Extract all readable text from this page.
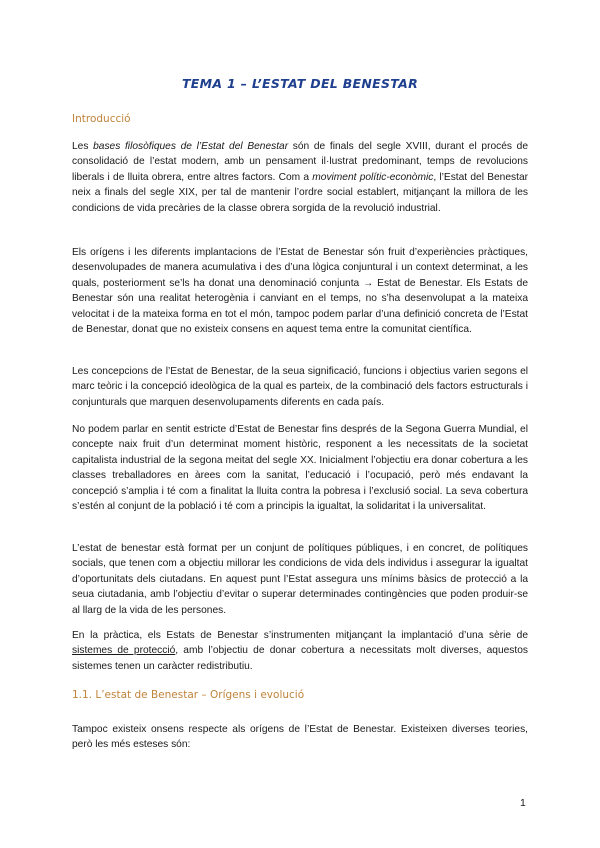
TEMA 1 – L’ESTAT DEL BENESTAR
Introducció
Les bases filosòfiques de l’Estat del Benestar són de finals del segle XVIII, durant el procés de consolidació de l’estat modern, amb un pensament il·lustrat predominant, temps de revolucions liberals i de lluita obrera, entre altres factors. Com a moviment polític-econòmic, l’Estat del Benestar neix a finals del segle XIX, per tal de mantenir l’ordre social establert, mitjançant la millora de les condicions de vida precàries de la classe obrera sorgida de la revolució industrial.
Els orígens i les diferents implantacions de l’Estat de Benestar són fruit d’experiències pràctiques, desenvolupades de manera acumulativa i des d’una lògica conjuntural i un context determinat, a les quals, posteriorment se’ls ha donat una denominació conjunta → Estat de Benestar. Els Estats de Benestar són una realitat heterogènia i canviant en el temps, no s’ha desenvolupat a la mateixa velocitat i de la mateixa forma en tot el món, tampoc podem parlar d’una definició concreta de l’Estat de Benestar, donat que no existeix consens en aquest tema entre la comunitat científica.
Les concepcions de l’Estat de Benestar, de la seua significació, funcions i objectius varien segons el marc teòric i la concepció ideològica de la qual es parteix, de la combinació dels factors estructurals i conjunturals que marquen desenvolupaments diferents en cada país.
No podem parlar en sentit estricte d’Estat de Benestar fins després de la Segona Guerra Mundial, el concepte naix fruit d’un determinat moment històric, responent a les necessitats de la societat capitalista industrial de la segona meitat del segle XX. Inicialment l’objectiu era donar cobertura a les classes treballadores en àrees com la sanitat, l’educació i l’ocupació, però més endavant la concepció s’amplia i té com a finalitat la lluita contra la pobresa i l’exclusió social. La seva cobertura s’estén al conjunt de la població i té com a principis la igualtat, la solidaritat i la universalitat.
L’estat de benestar està format per un conjunt de polítiques públiques, i en concret, de polítiques socials, que tenen com a objectiu millorar les condicions de vida dels individus i assegurar la igualtat d’oportunitats dels ciutadans. En aquest punt l’Estat assegura uns mínims bàsics de protecció a la seua ciutadania, amb l’objectiu d’evitar o superar determinades contingències que poden produir-se al llarg de la vida de les persones.
En la pràctica, els Estats de Benestar s’instrumenten mitjançant la implantació d’una sèrie de sistemes de protecció, amb l’objectiu de donar cobertura a necessitats molt diverses, aquestos sistemes tenen un caràcter redistributiu.
1.1. L’estat de Benestar – Orígens i evolució
Tampoc existeix onsens respecte als orígens de l’Estat de Benestar. Existeixen diverses teories, però les més esteses són:
1
